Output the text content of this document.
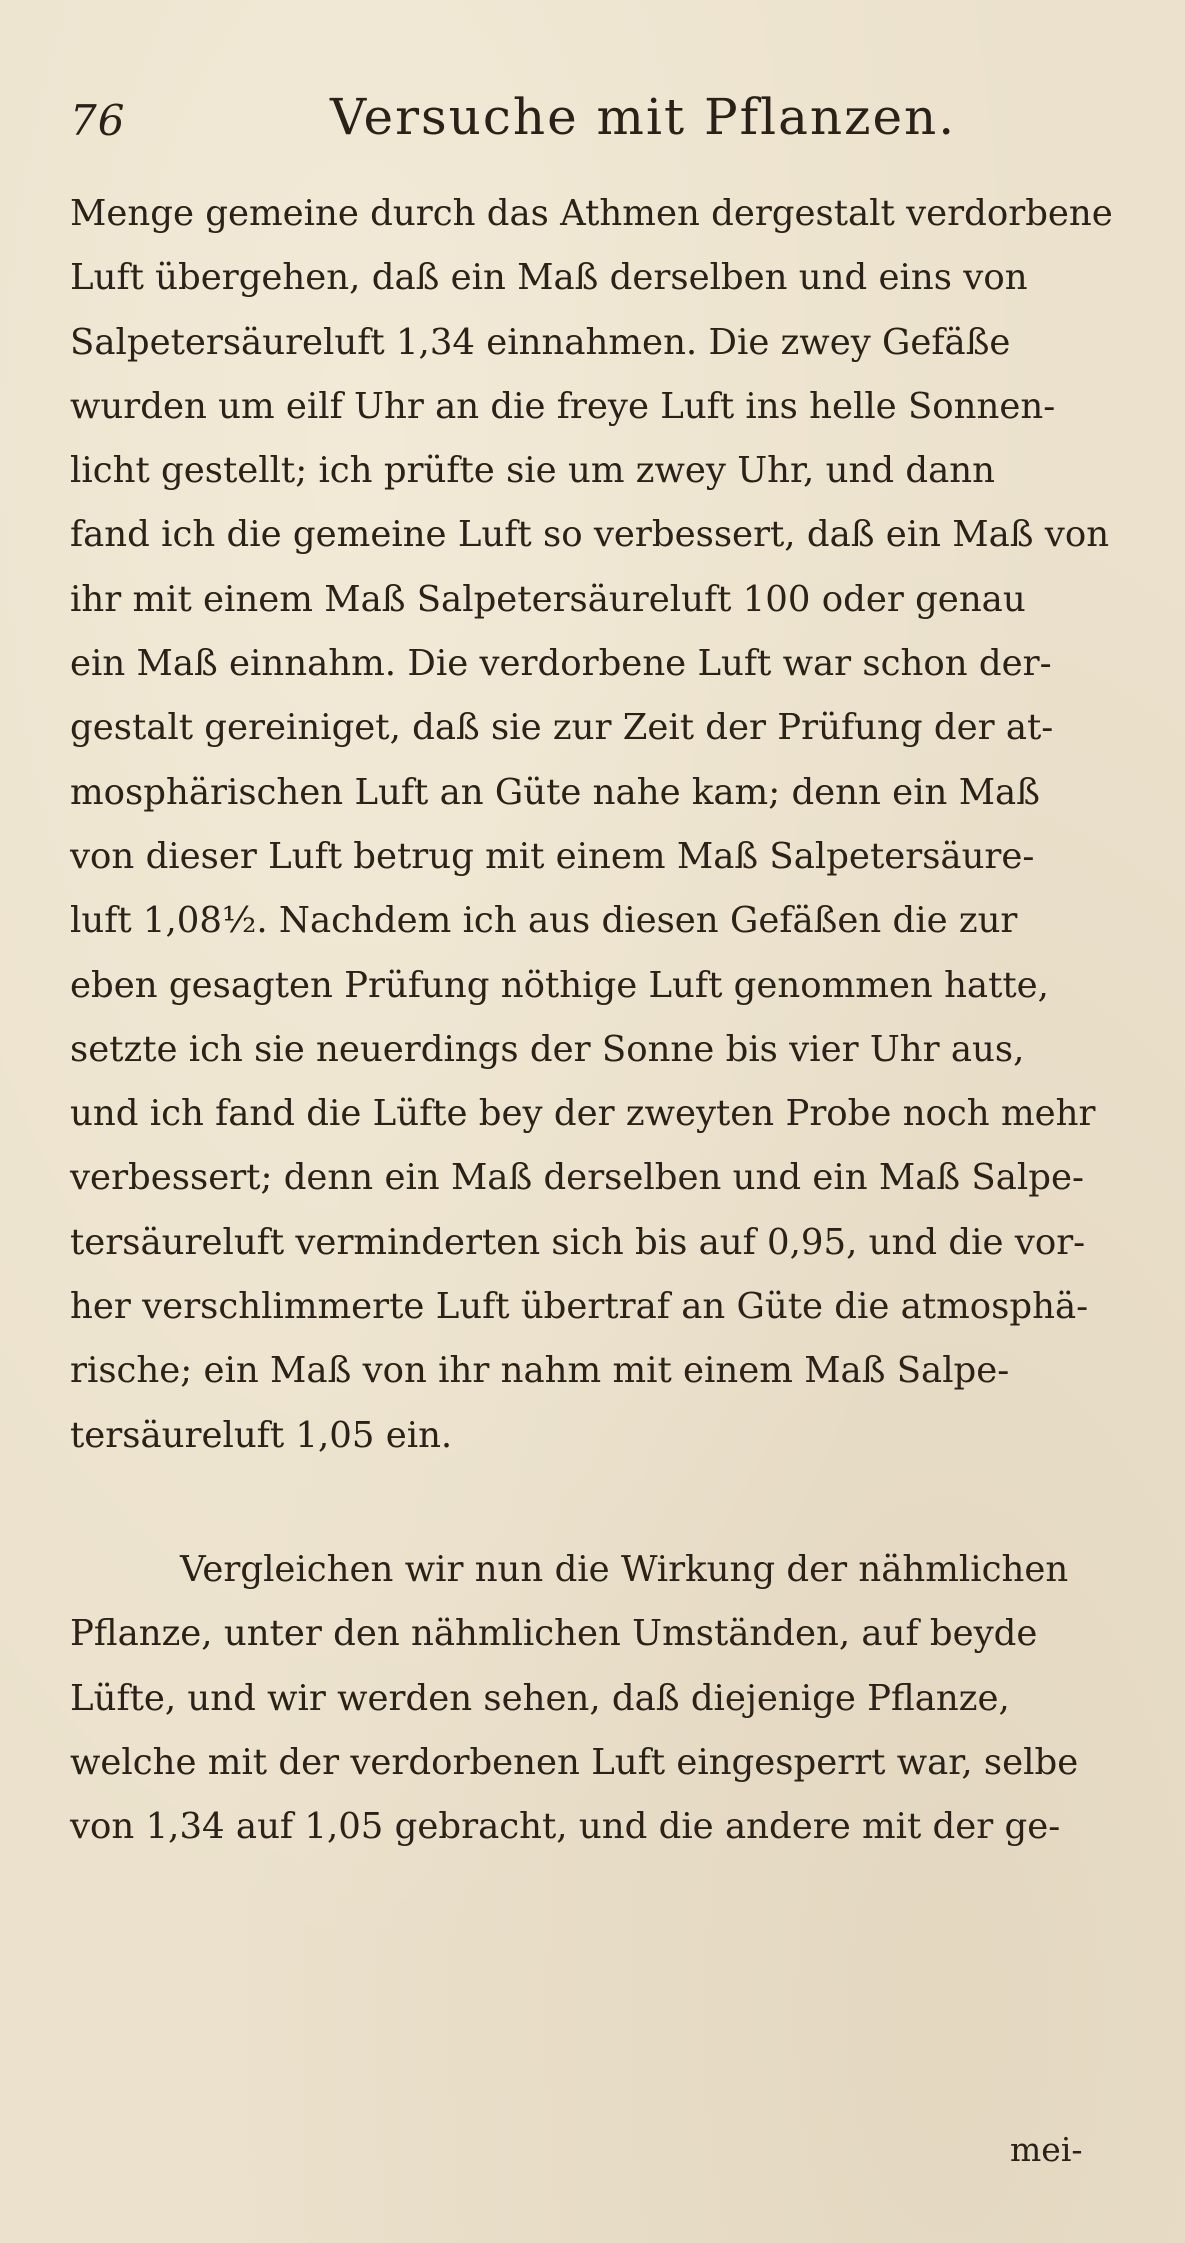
76	Versuche mit Pflanzen.
Menge gemeine durch das Athmen dergestalt verdorbene
Luft übergehen, daß ein Maß derselben und eins von
Salpetersäureluft 1,34 einnahmen. Die zwey Gefäße
wurden um eilf Uhr an die freye Luft ins helle Sonnen-
licht gestellt; ich prüfte sie um zwey Uhr, und dann
fand ich die gemeine Luft so verbessert, daß ein Maß von
ihr mit einem Maß Salpetersäureluft 100 oder genau
ein Maß einnahm. Die verdorbene Luft war schon der-
gestalt gereiniget, daß sie zur Zeit der Prüfung der at-
mosphärischen Luft an Güte nahe kam; denn ein Maß
von dieser Luft betrug mit einem Maß Salpetersäure-
luft 1,08½. Nachdem ich aus diesen Gefäßen die zur
eben gesagten Prüfung nöthige Luft genommen hatte,
setzte ich sie neuerdings der Sonne bis vier Uhr aus,
und ich fand die Lüfte bey der zweyten Probe noch mehr
verbessert; denn ein Maß derselben und ein Maß Salpe-
tersäureluft verminderten sich bis auf 0,95, und die vor-
her verschlimmerte Luft übertraf an Güte die atmosphä-
rische; ein Maß von ihr nahm mit einem Maß Salpe-
tersäureluft 1,05 ein.
Vergleichen wir nun die Wirkung der nähmlichen
Pflanze, unter den nähmlichen Umständen, auf beyde
Lüfte, und wir werden sehen, daß diejenige Pflanze,
welche mit der verdorbenen Luft eingesperrt war, selbe
von 1,34 auf 1,05 gebracht, und die andere mit der ge-
mei-
